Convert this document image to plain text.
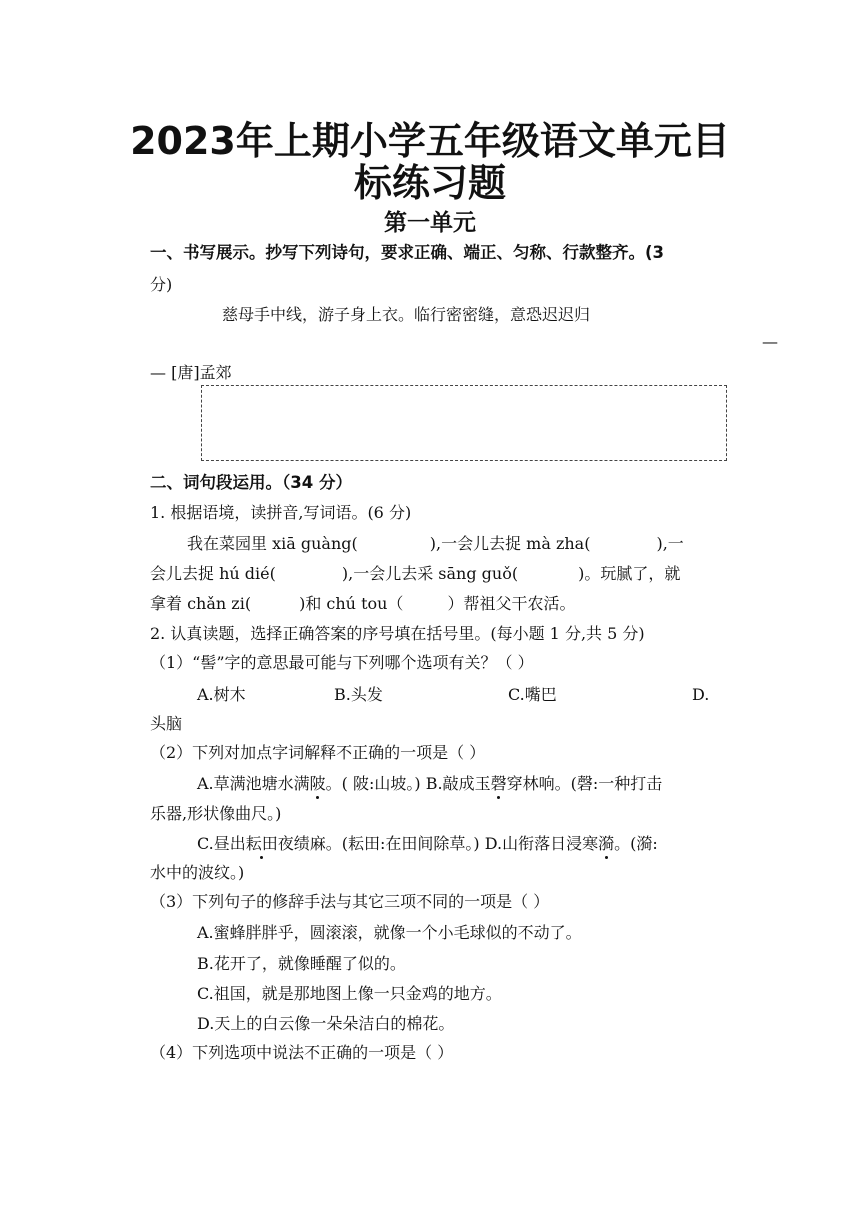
2023年上期小学五年级语文单元目
标练习题
第一单元
一、书写展示。抄写下列诗句，要求正确、端正、匀称、行款整齐。(3
分)
慈母手中线，游子身上衣。临行密密缝，意恐迟迟归
—
— [唐]孟郊
二、词句段运用。（34 分）
1. 根据语境，读拼音,写词语。(6 分)
我在菜园里 xiā guàng(	),一会儿去捉 mà zha(	),一
会儿去捉 hú dié(	),一会儿去采 sāng guǒ(	)。玩腻了，就
拿着 chǎn zi(	)和 chú tou（	）帮祖父干农活。
2. 认真读题，选择正确答案的序号填在括号里。(每小题 1 分,共 5 分)
（1）“髻”字的意思最可能与下列哪个选项有关？（ ）
A.树木	B.头发	C.嘴巴	D.
头脑
（2）下列对加点字词解释不正确的一项是（ ）
A.草满池塘水满陂。( 陂:山坡。) B.敲成玉磬穿林响。(磬:一种打击
乐器,形状像曲尺。)
C.昼出耘田夜绩麻。(耘田:在田间除草。) D.山衔落日浸寒漪。(漪:
水中的波纹。)
（3）下列句子的修辞手法与其它三项不同的一项是（ ）
A.蜜蜂胖胖乎，圆滚滚，就像一个小毛球似的不动了。
B.花开了，就像睡醒了似的。
C.祖国，就是那地图上像一只金鸡的地方。
D.天上的白云像一朵朵洁白的棉花。
（4）下列选项中说法不正确的一项是（ ）
